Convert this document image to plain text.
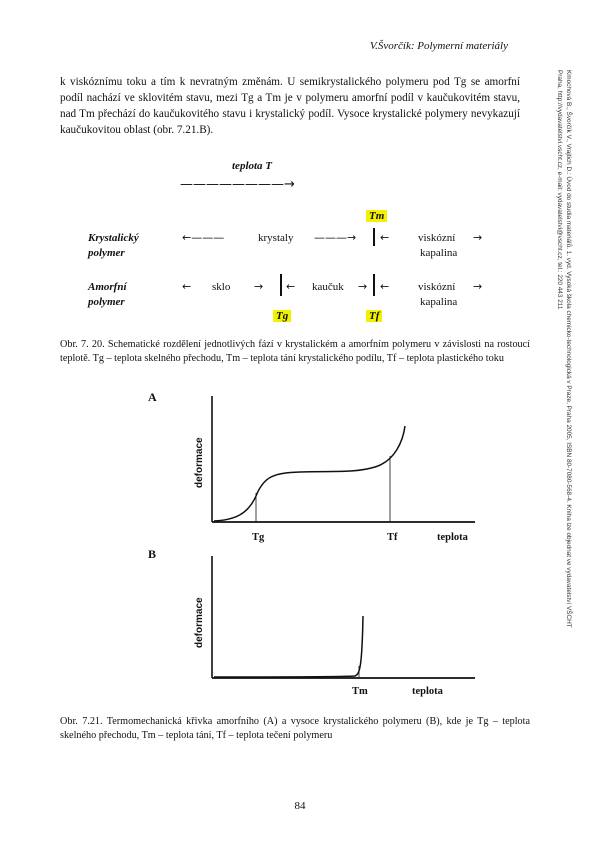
V.Švorčík: Polymerní materiály
k viskóznímu toku a tím k nevratným změnám. U semikrystalického polymeru pod Tg se amorfní podíl nachází ve sklovitém stavu, mezi Tg a Tm je v polymeru amorfní podíl v kaučukovitém stavu, nad Tm přechází do kaučukovitého stavu i krystalický podíl. Vysoce krystalické polymery nevykazují kaučukovitou oblast (obr. 7.21.B).	Kmochová B., Švorčík V., Vrajtich D.: Úvod do studia materiálů. 1. vyd. Vysoká škola chemicko-technologická v Praze, Praha 2005, ISBN 80-7080-568-4. Kniha lze objednat ve vydavatelství VŠCHT Praha, http://vydavatelstvi.vscht.cz, e-mail: vydavatelstvi@vscht.cz, tel.: 220 443 211
teplota T
————————→
Tm
Krystalický
polymer
←———	krystaly ———→ ←	viskózní →
kapalina
Amorfní
polymer
← sklo → ← kaučuk → ←	viskózní →
kapalina
Tg	Tf
Obr. 7. 20. Schematické rozdělení jednotlivých fází v krystalickém a amorfním polymeru v závislosti na rostoucí teplotě. Tg – teplota skelného přechodu, Tm – teplota tání krystalického podílu, Tf – teplota plastického toku
A
deformace
Tg	Tf	teplota
B
deformace
Tm	teplota
Obr. 7.21. Termomechanická křivka amorfního (A) a vysoce krystalického polymeru (B), kde je Tg – teplota skelného přechodu, Tm – teplota tání, Tf – teplota tečení polymeru
84
